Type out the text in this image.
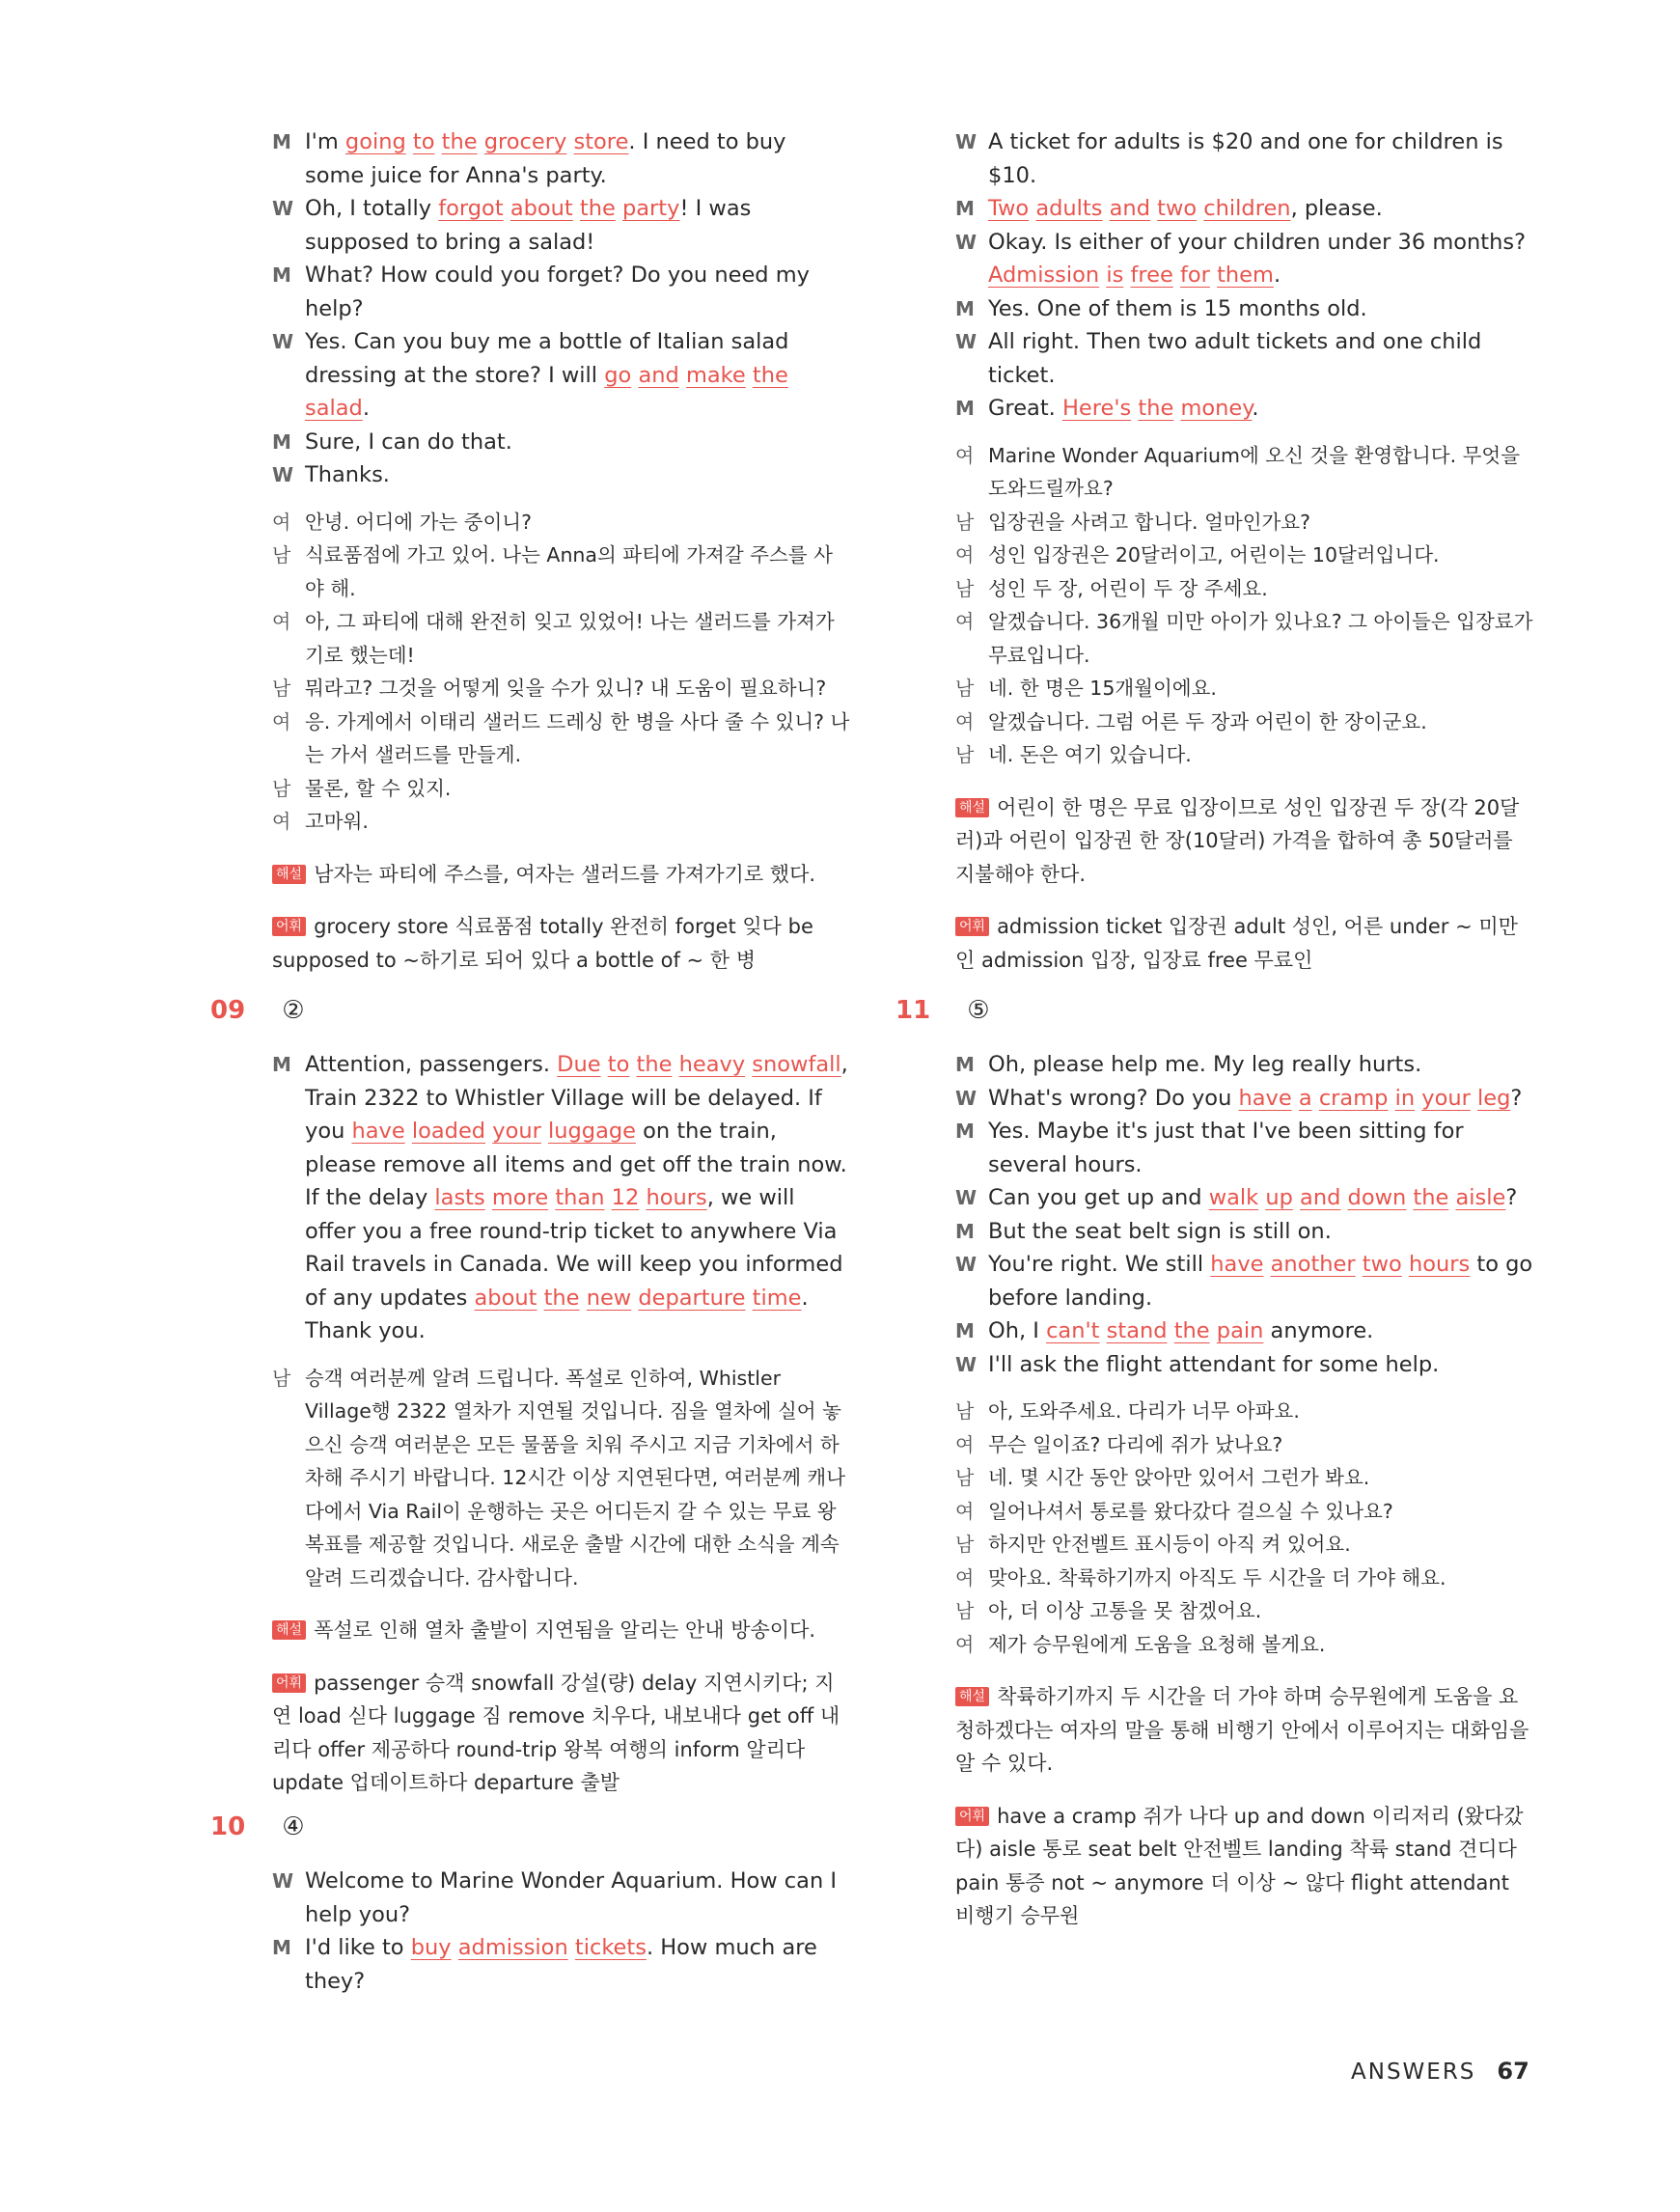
M I'm going to the grocery store. I need to buy some juice for Anna's party.
W Oh, I totally forgot about the party! I was supposed to bring a salad!
M What? How could you forget? Do you need my help?
W Yes. Can you buy me a bottle of Italian salad dressing at the store? I will go and make the salad.
M Sure, I can do that.
W Thanks.
여 안녕. 어디에 가는 중이니?
남 식료품점에 가고 있어. 나는 Anna의 파티에 가져갈 주스를 사야 해.
여 아, 그 파티에 대해 완전히 잊고 있었어! 나는 샐러드를 가져가기로 했는데!
남 뭐라고? 그것을 어떻게 잊을 수가 있니? 내 도움이 필요하니?
여 응. 가게에서 이태리 샐러드 드레싱 한 병을 사다 줄 수 있니? 나는 가서 샐러드를 만들게.
남 물론, 할 수 있지.
여 고마워.
해설 남자는 파티에 주스를, 여자는 샐러드를 가져가기로 했다.
어휘 grocery store 식료품점 totally 완전히 forget 잊다 be supposed to ~하기로 되어 있다 a bottle of ~ 한 병
09 ②
M Attention, passengers. Due to the heavy snowfall, Train 2322 to Whistler Village will be delayed. If you have loaded your luggage on the train, please remove all items and get off the train now. If the delay lasts more than 12 hours, we will offer you a free round-trip ticket to anywhere Via Rail travels in Canada. We will keep you informed of any updates about the new departure time. Thank you.
남 승객 여러분께 알려 드립니다. 폭설로 인하여, Whistler Village행 2322 열차가 지연될 것입니다. 짐을 열차에 실어 놓으신 승객 여러분은 모든 물품을 치워 주시고 지금 기차에서 하차해 주시기 바랍니다. 12시간 이상 지연된다면, 여러분께 캐나다에서 Via Rail이 운행하는 곳은 어디든지 갈 수 있는 무료 왕복표를 제공할 것입니다. 새로운 출발 시간에 대한 소식을 계속 알려 드리겠습니다. 감사합니다.
해설 폭설로 인해 열차 출발이 지연됨을 알리는 안내 방송이다.
어휘 passenger 승객 snowfall 강설(량) delay 지연시키다; 지연 load 싣다 luggage 짐 remove 치우다, 내보내다 get off 내리다 offer 제공하다 round-trip 왕복 여행의 inform 알리다 update 업데이트하다 departure 출발
10 ④
W Welcome to Marine Wonder Aquarium. How can I help you?
M I'd like to buy admission tickets. How much are they?
W A ticket for adults is $20 and one for children is $10.
M Two adults and two children, please.
W Okay. Is either of your children under 36 months? Admission is free for them.
M Yes. One of them is 15 months old.
W All right. Then two adult tickets and one child ticket.
M Great. Here's the money.
여 Marine Wonder Aquarium에 오신 것을 환영합니다. 무엇을 도와드릴까요?
남 입장권을 사려고 합니다. 얼마인가요?
여 성인 입장권은 20달러이고, 어린이는 10달러입니다.
남 성인 두 장, 어린이 두 장 주세요.
여 알겠습니다. 36개월 미만 아이가 있나요? 그 아이들은 입장료가 무료입니다.
남 네. 한 명은 15개월이에요.
여 알겠습니다. 그럼 어른 두 장과 어린이 한 장이군요.
남 네. 돈은 여기 있습니다.
해설 어린이 한 명은 무료 입장이므로 성인 입장권 두 장(각 20달러)과 어린이 입장권 한 장(10달러) 가격을 합하여 총 50달러를 지불해야 한다.
어휘 admission ticket 입장권 adult 성인, 어른 under ~ 미만인 admission 입장, 입장료 free 무료인
11 ⑤
M Oh, please help me. My leg really hurts.
W What's wrong? Do you have a cramp in your leg?
M Yes. Maybe it's just that I've been sitting for several hours.
W Can you get up and walk up and down the aisle?
M But the seat belt sign is still on.
W You're right. We still have another two hours to go before landing.
M Oh, I can't stand the pain anymore.
W I'll ask the flight attendant for some help.
남 아, 도와주세요. 다리가 너무 아파요.
여 무슨 일이죠? 다리에 쥐가 났나요?
남 네. 몇 시간 동안 앉아만 있어서 그런가 봐요.
여 일어나셔서 통로를 왔다갔다 걸으실 수 있나요?
남 하지만 안전벨트 표시등이 아직 켜 있어요.
여 맞아요. 착륙하기까지 아직도 두 시간을 더 가야 해요.
남 아, 더 이상 고통을 못 참겠어요.
여 제가 승무원에게 도움을 요청해 볼게요.
해설 착륙하기까지 두 시간을 더 가야 하며 승무원에게 도움을 요청하겠다는 여자의 말을 통해 비행기 안에서 이루어지는 대화임을 알 수 있다.
어휘 have a cramp 쥐가 나다 up and down 이리저리 (왔다갔다) aisle 통로 seat belt 안전벨트 landing 착륙 stand 견디다 pain 통증 not ~ anymore 더 이상 ~ 않다 flight attendant 비행기 승무원
ANSWERS 67
